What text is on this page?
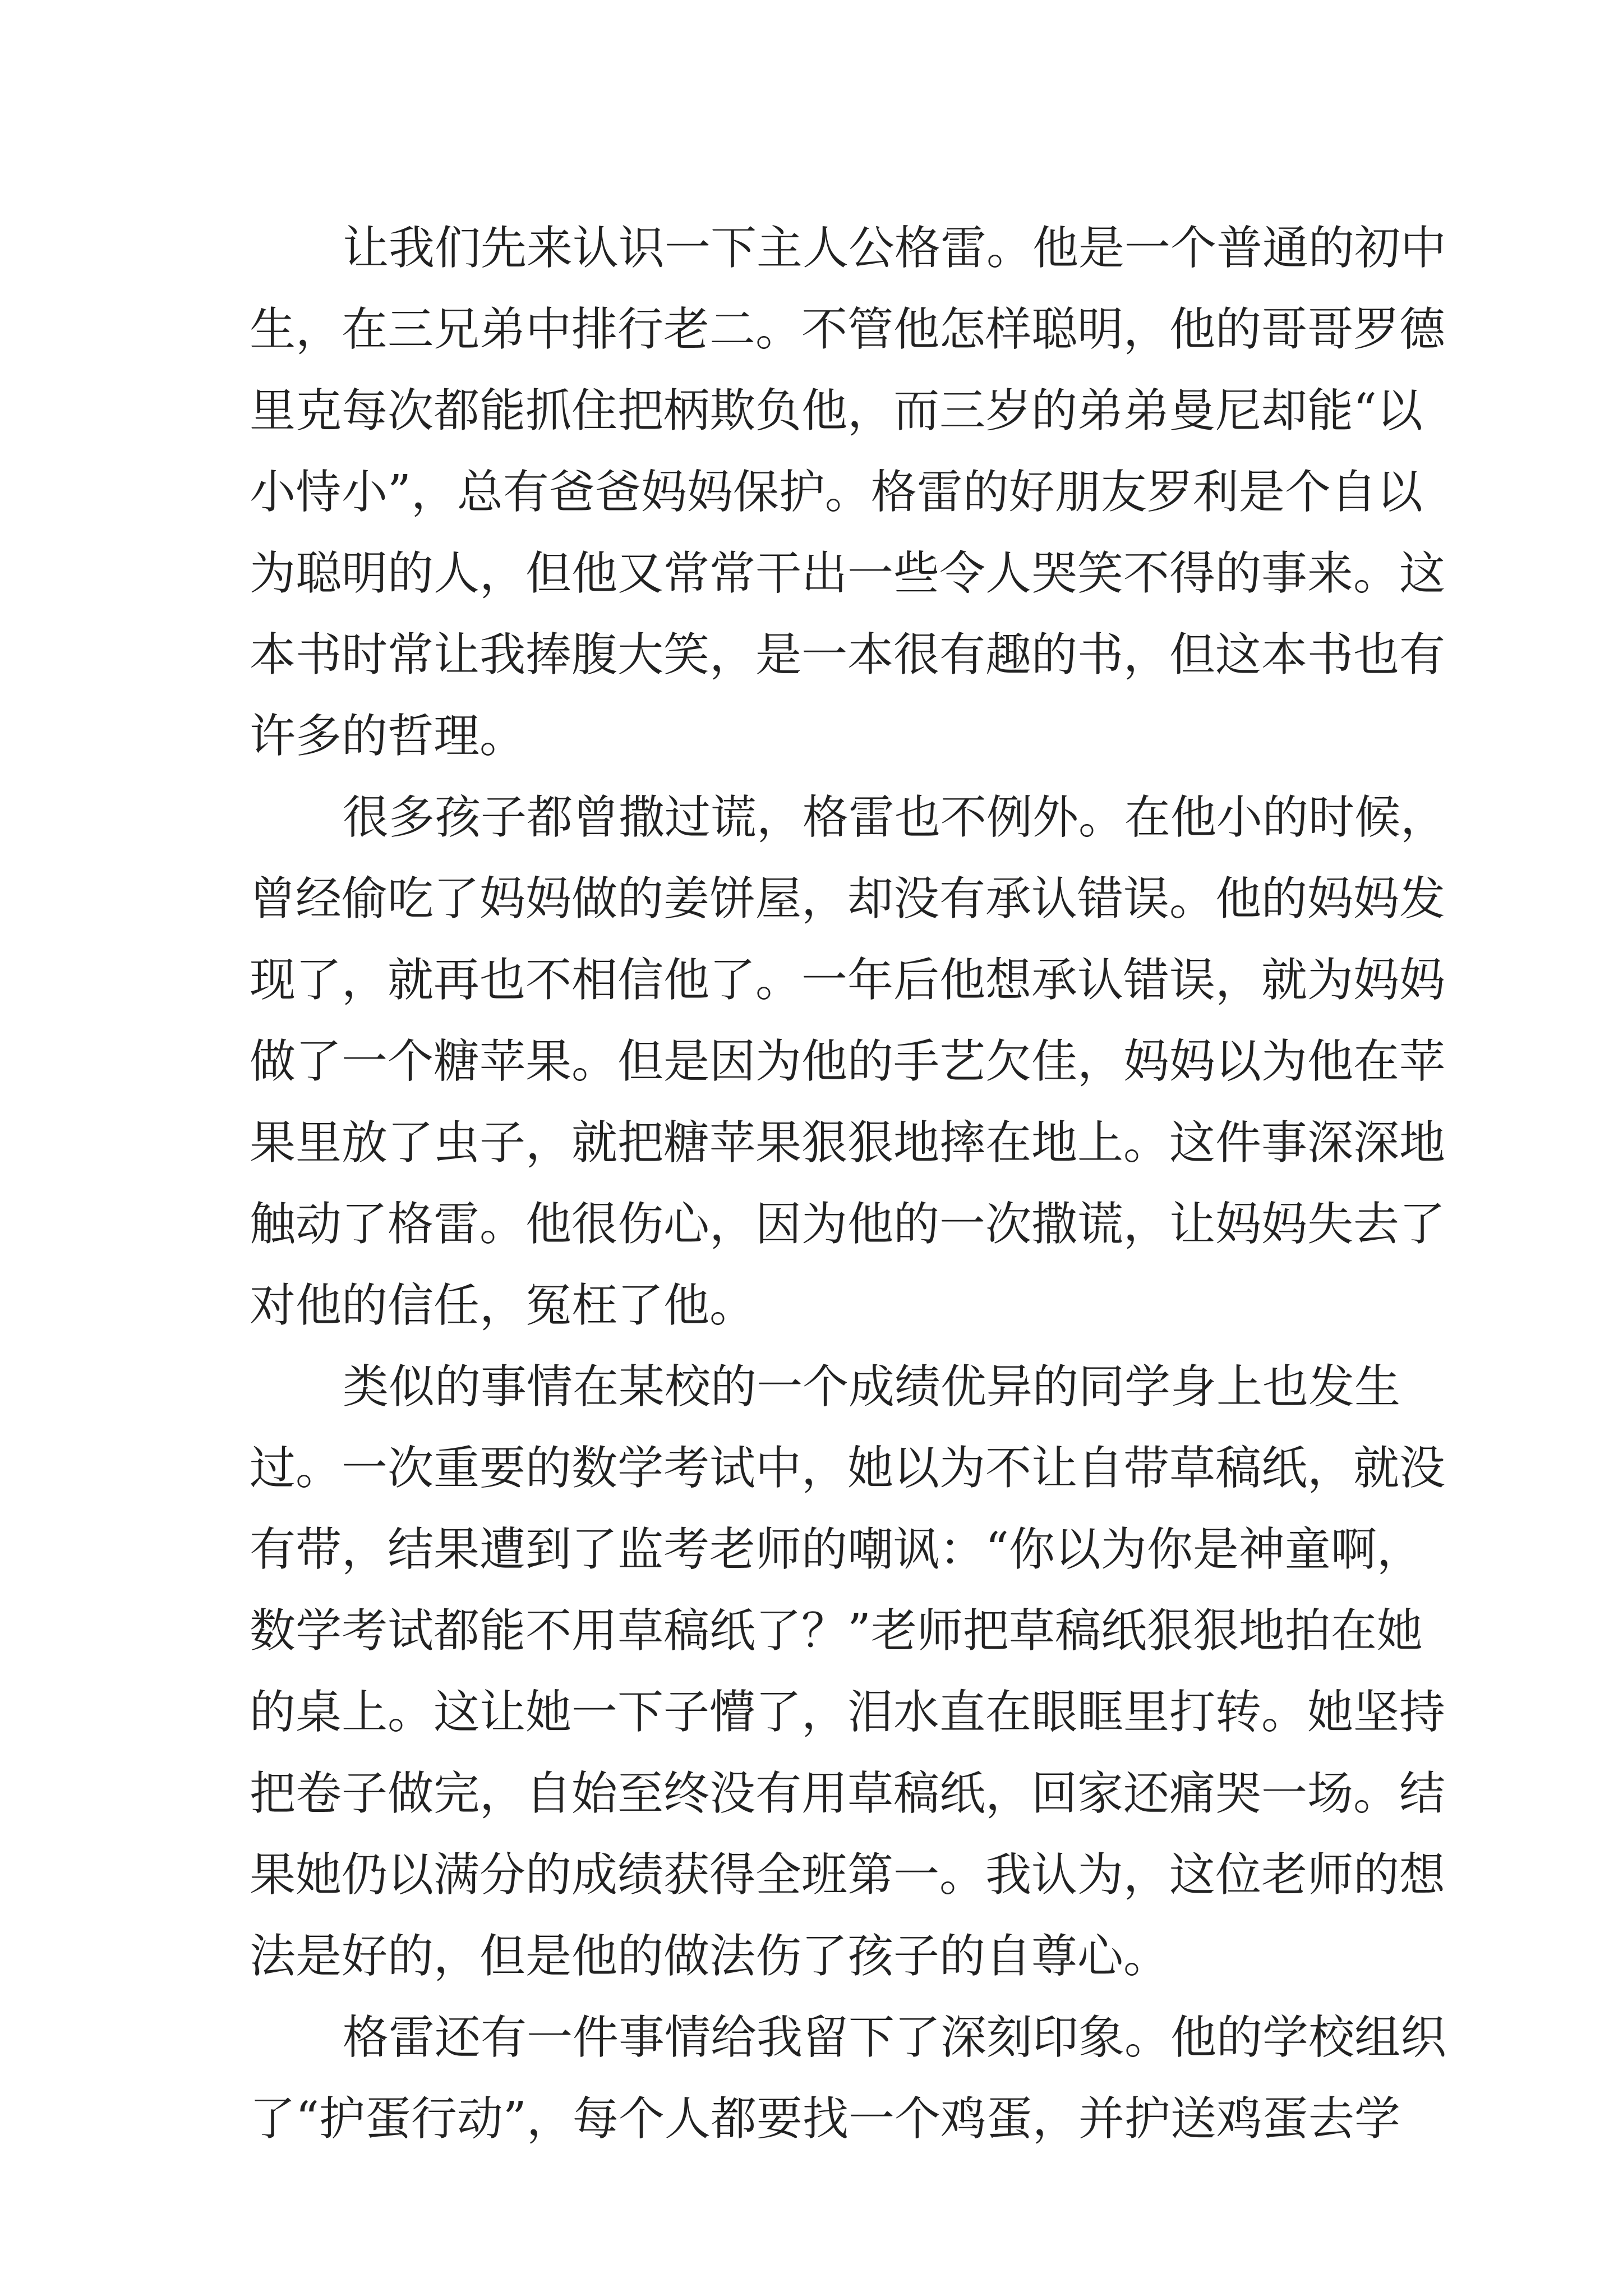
让我们先来认识一下主人公格雷。他是一个普通的初中
生，在三兄弟中排行老二。不管他怎样聪明，他的哥哥罗德
里克每次都能抓住把柄欺负他，而三岁的弟弟曼尼却能“以
小恃小”，总有爸爸妈妈保护。格雷的好朋友罗利是个自以
为聪明的人，但他又常常干出一些令人哭笑不得的事来。这
本书时常让我捧腹大笑，是一本很有趣的书，但这本书也有
许多的哲理。
很多孩子都曾撒过谎，格雷也不例外。在他小的时候，
曾经偷吃了妈妈做的姜饼屋，却没有承认错误。他的妈妈发
现了，就再也不相信他了。一年后他想承认错误，就为妈妈
做了一个糖苹果。但是因为他的手艺欠佳，妈妈以为他在苹
果里放了虫子，就把糖苹果狠狠地摔在地上。这件事深深地
触动了格雷。他很伤心，因为他的一次撒谎，让妈妈失去了
对他的信任，冤枉了他。
类似的事情在某校的一个成绩优异的同学身上也发生
过。一次重要的数学考试中，她以为不让自带草稿纸，就没
有带，结果遭到了监考老师的嘲讽：“你以为你是神童啊，
数学考试都能不用草稿纸了？”老师把草稿纸狠狠地拍在她
的桌上。这让她一下子懵了，泪水直在眼眶里打转。她坚持
把卷子做完，自始至终没有用草稿纸，回家还痛哭一场。结
果她仍以满分的成绩获得全班第一。我认为，这位老师的想
法是好的，但是他的做法伤了孩子的自尊心。
格雷还有一件事情给我留下了深刻印象。他的学校组织
了“护蛋行动”，每个人都要找一个鸡蛋，并护送鸡蛋去学
